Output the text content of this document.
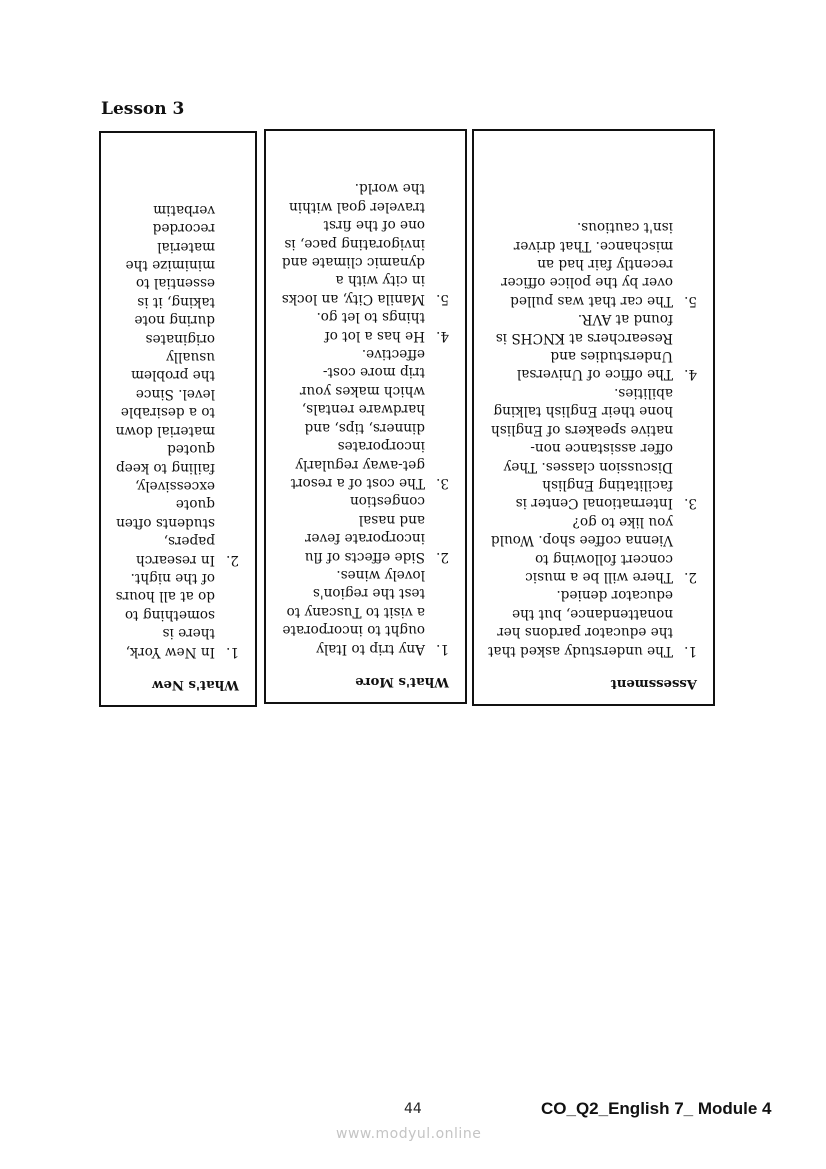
Lesson 3
What's New
1.
In New York, there is something to do at all hours of the night.
2.
In research papers, students often quote excessively, failing to keep quoted material down to a desirable level. Since the problem usually originates during note taking, it is essential to minimize the material recorded verbatim
What's More
1.
Any trip to Italy ought to incorporate a visit to Tuscany to test the region's lovely wines.
2.
Side effects of flu incorporate fever and nasal congestion
3.
The cost of a resort get-away regularly incorporates dinners, tips, and hardware rentals, which makes your trip more cost-effective.
4.
He has a lot of things to let go.
5.
Manila City, an locks in city with a dynamic climate and invigorating pace, is one of the first traveler goal within the world.
Assessment
1.
The understudy asked that the educator pardons her nonattendance, but the educator denied.
2.
There will be a music concert following to Vienna coffee shop. Would you like to go?
3.
International Center is facilitating English Discussion classes. They offer assistance non-native speakers of English hone their English talking abilities.
4.
The office of Universal Understudies and Researchers at KNCHS is found at AVR.
5.
The car that was pulled over by the police officer recently fair had an mischance. That driver isn't cautious.
44	CO_Q2_English 7_ Module 4
www.modyul.online
